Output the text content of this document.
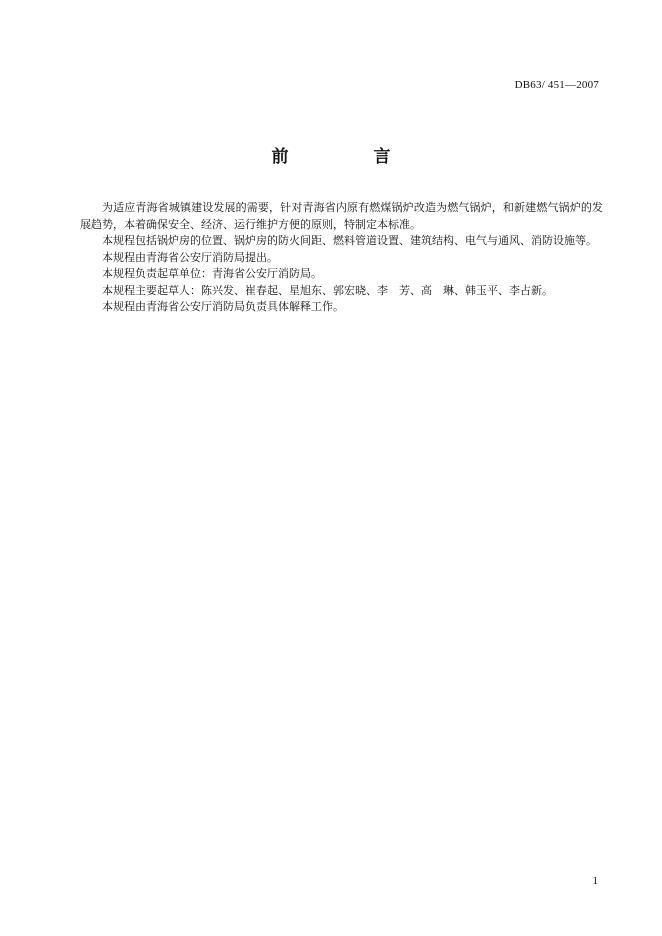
DB63/ 451—2007
前　言

为适应青海省城镇建设发展的需要，针对青海省内原有燃煤锅炉改造为燃气锅炉，和新建燃气锅炉的发展趋势，本着确保安全、经济、运行维护方便的原则，特制定本标准。

本规程包括锅炉房的位置、锅炉房的防火间距、燃料管道设置、建筑结构、电气与通风、消防设施等。

本规程由青海省公安厅消防局提出。

本规程负责起草单位：青海省公安厅消防局。

本规程主要起草人：陈兴发、崔春起、星旭东、郭宏晓、李　芳、高　琳、韩玉平、李占新。

本规程由青海省公安厅消防局负责具体解释工作。

1
